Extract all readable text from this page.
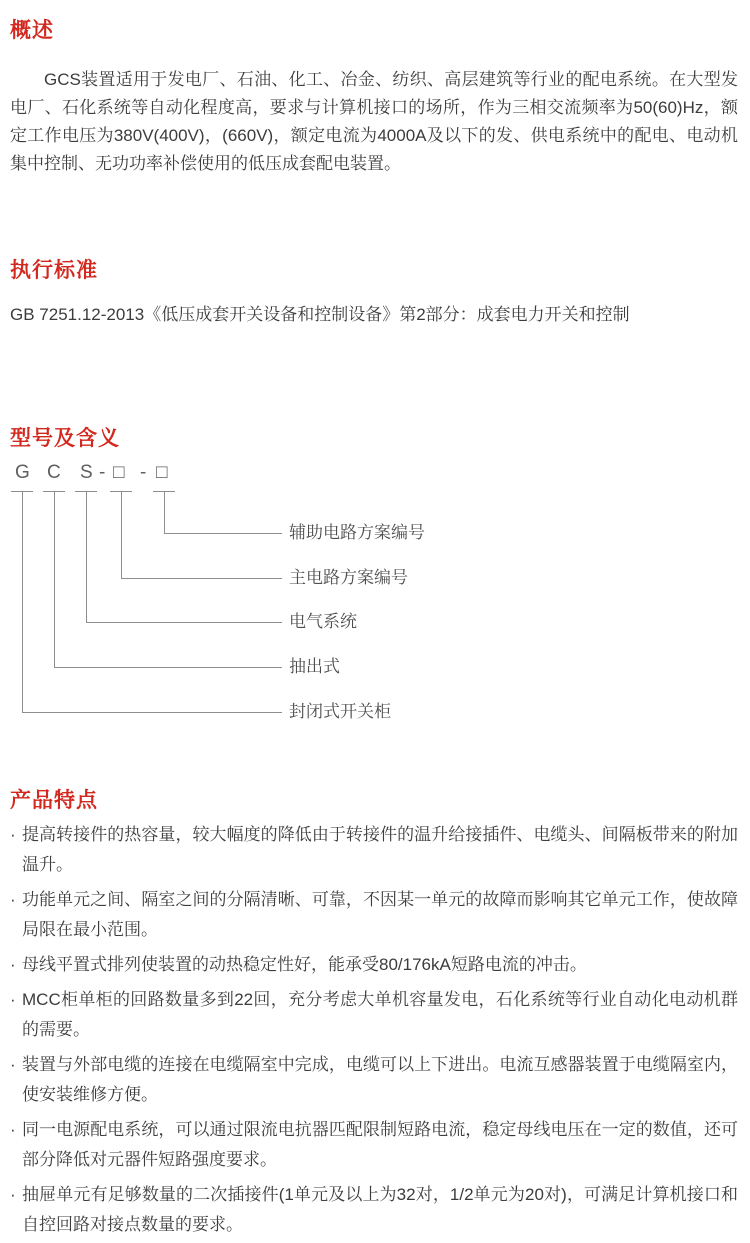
概述

GCS装置适用于发电厂、石油、化工、冶金、纺织、高层建筑等行业的配电系统。在大型发电厂、石化系统等自动化程度高，要求与计算机接口的场所，作为三相交流频率为50(60)Hz，额定工作电压为380V(400V)，(660V)，额定电流为4000A及以下的发、供电系统中的配电、电动机集中控制、无功功率补偿使用的低压成套配电装置。

执行标准

GB 7251.12-2013《低压成套开关设备和控制设备》第2部分：成套电力开关和控制

型号及含义
G C S - □ - □
辅助电路方案编号
主电路方案编号
电气系统
抽出式
封闭式开关柜
产品特点
· 提高转接件的热容量，较大幅度的降低由于转接件的温升给接插件、电缆头、间隔板带来的附加温升。
· 功能单元之间、隔室之间的分隔清晰、可靠，不因某一单元的故障而影响其它单元工作，使故障局限在最小范围。
· 母线平置式排列使装置的动热稳定性好，能承受80/176kA短路电流的冲击。
· MCC柜单柜的回路数量多到22回，充分考虑大单机容量发电，石化系统等行业自动化电动机群的需要。
· 装置与外部电缆的连接在电缆隔室中完成，电缆可以上下进出。电流互感器装置于电缆隔室内，使安装维修方便。
· 同一电源配电系统，可以通过限流电抗器匹配限制短路电流，稳定母线电压在一定的数值，还可部分降低对元器件短路强度要求。
· 抽屉单元有足够数量的二次插接件(1单元及以上为32对，1/2单元为20对)，可满足计算机接口和自控回路对接点数量的要求。
